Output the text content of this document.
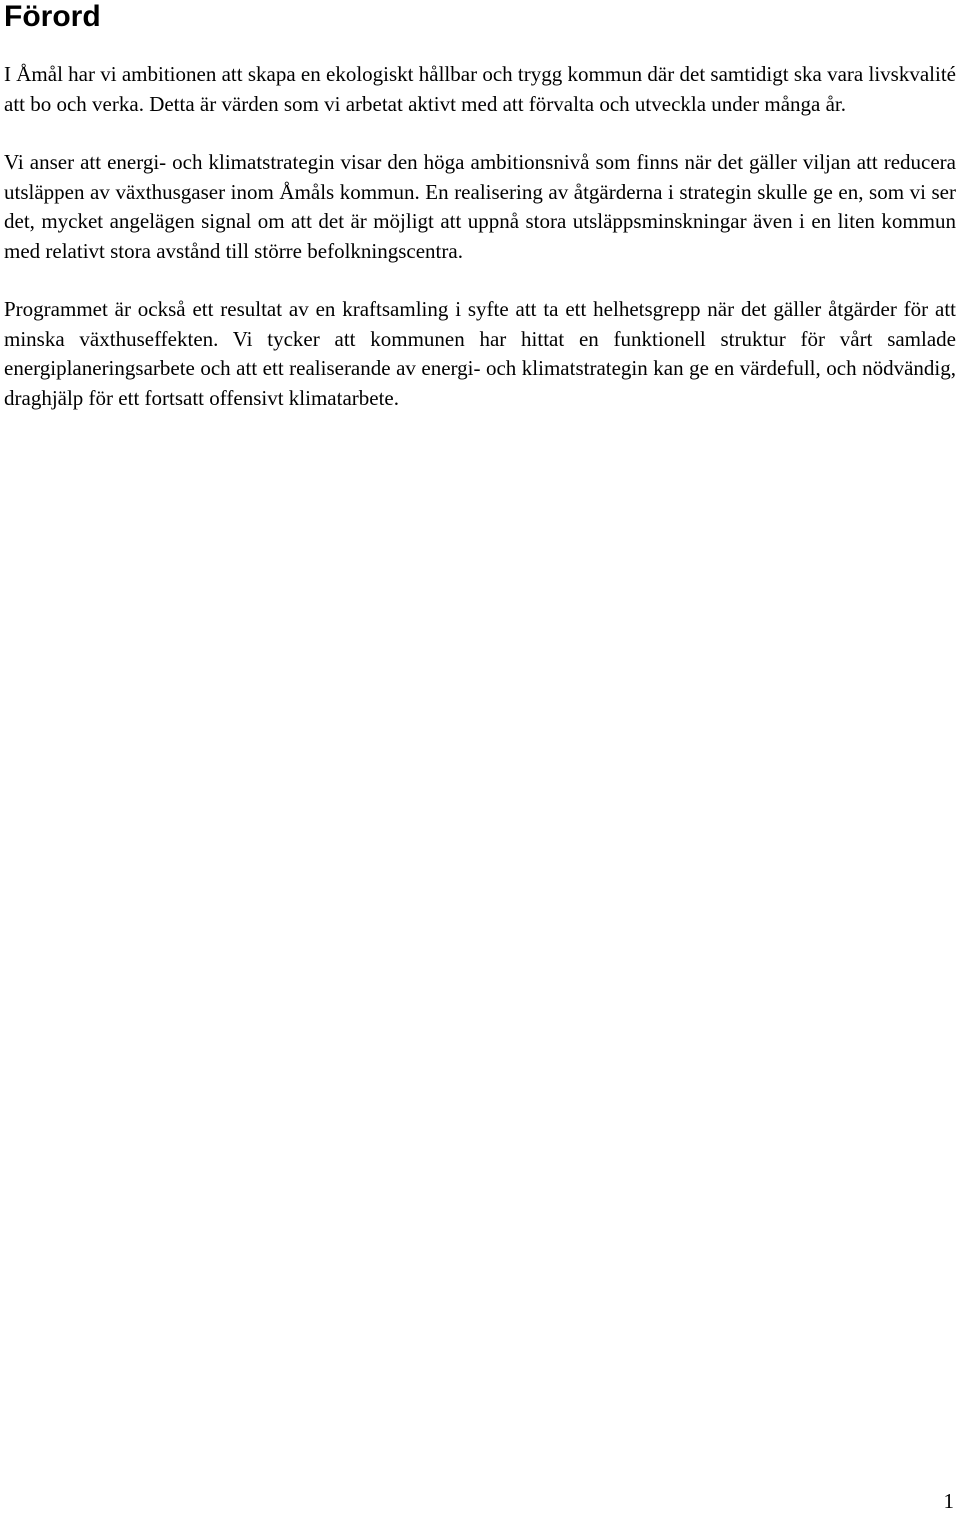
Förord

I Åmål har vi ambitionen att skapa en ekologiskt hållbar och trygg kommun där det samtidigt ska vara livskvalité att bo och verka. Detta är värden som vi arbetat aktivt med att förvalta och utveckla under många år.

Vi anser att energi- och klimatstrategin visar den höga ambitionsnivå som finns när det gäller viljan att reducera utsläppen av växthusgaser inom Åmåls kommun. En realisering av åtgärderna i strategin skulle ge en, som vi ser det, mycket angelägen signal om att det är möjligt att uppnå stora utsläppsminskningar även i en liten kommun med relativt stora avstånd till större befolkningscentra.

Programmet är också ett resultat av en kraftsamling i syfte att ta ett helhetsgrepp när det gäller åtgärder för att minska växthuseffekten. Vi tycker att kommunen har hittat en funktionell struktur för vårt samlade energiplaneringsarbete och att ett realiserande av energi- och klimatstrategin kan ge en värdefull, och nödvändig, draghjälp för ett fortsatt offensivt klimatarbete.

1
